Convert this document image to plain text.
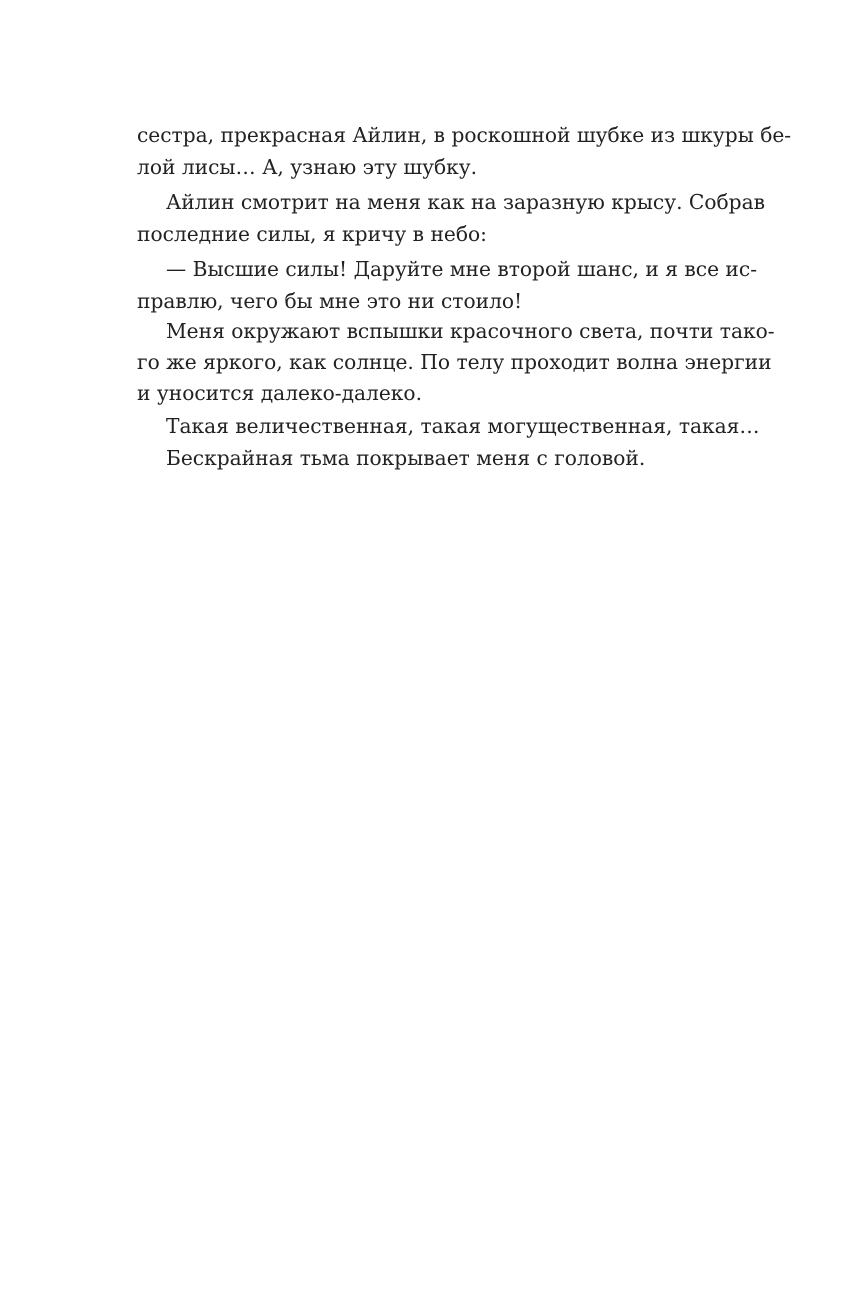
сестра, прекрасная Айлин, в роскошной шубке из шкуры бе-
лой лисы… А, узнаю эту шубку.
Айлин смотрит на меня как на заразную крысу. Собрав
последние силы, я кричу в небо:
— Высшие силы! Даруйте мне второй шанс, и я все ис-
правлю, чего бы мне это ни стоило!
Меня окружают вспышки красочного света, почти тако-
го же яркого, как солнце. По телу проходит волна энергии
и уносится далеко-далеко.
Такая величественная, такая могущественная, такая…
Бескрайная тьма покрывает меня с головой.
